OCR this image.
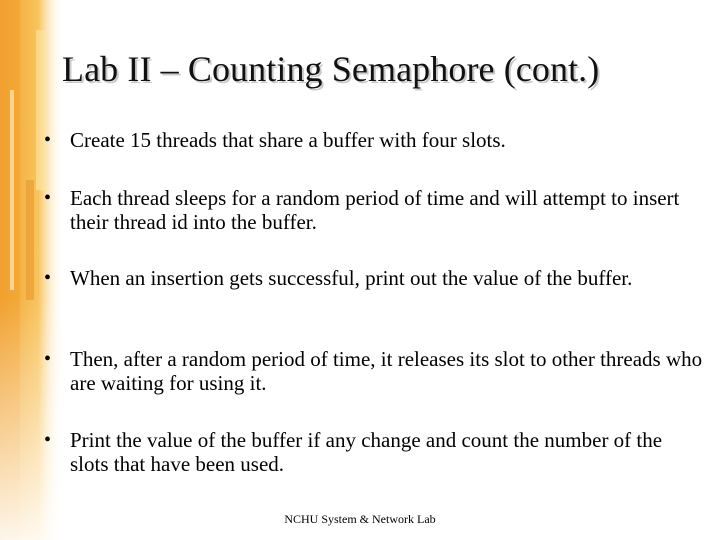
Lab II – Counting Semaphore (cont.)
• Create 15 threads that share a buffer with four slots.
• Each thread sleeps for a random period of time and will attempt to insert their thread id into the buffer.
• When an insertion gets successful, print out the value of the buffer.
• Then, after a random period of time, it releases its slot to other threads who are waiting for using it.
• Print the value of the buffer if any change and count the number of the slots that have been used.
NCHU System & Network Lab
